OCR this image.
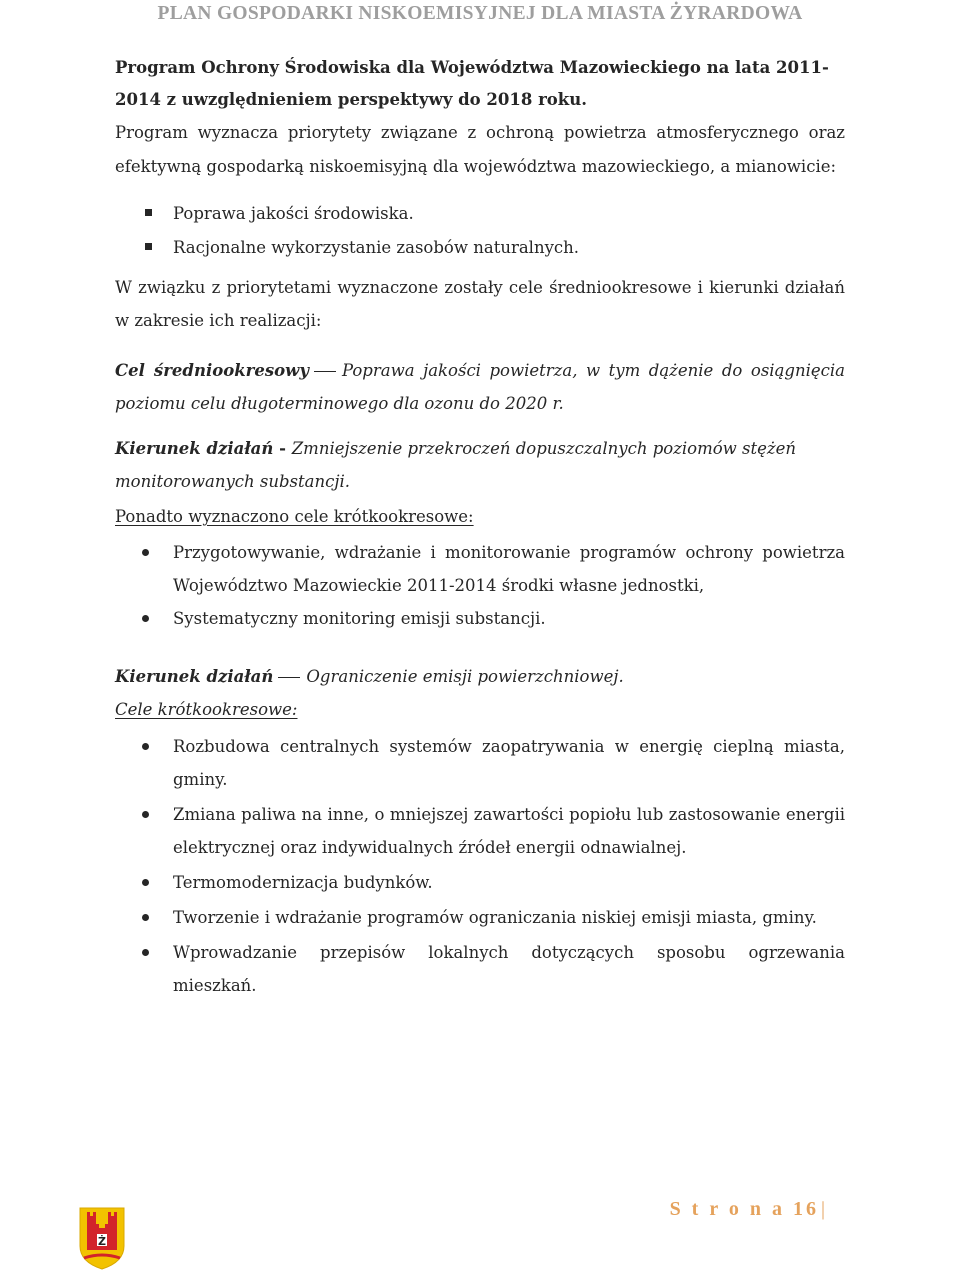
PLAN GOSPODARKI NISKOEMISYJNEJ DLA MIASTA ŻYRARDOWA

Program Ochrony Środowiska dla Województwa Mazowieckiego na lata 2011-2014 z uwzględnieniem perspektywy do 2018 roku.

Program wyznacza priorytety związane z ochroną powietrza atmosferycznego oraz efektywną gospodarką niskoemisyjną dla województwa mazowieckiego, a mianowicie:

Poprawa jakości środowiska.
Racjonalne wykorzystanie zasobów naturalnych.

W związku z priorytetami wyznaczone zostały cele średniookresowe i kierunki działań w zakresie ich realizacji:

Cel średniookresowy Poprawa jakości powietrza, w tym dążenie do osiągnięcia poziomu celu długoterminowego dla ozonu do 2020 r.

Kierunek działań - Zmniejszenie przekroczeń dopuszczalnych poziomów stężeń monitorowanych substancji.

Ponadto wyznaczono cele krótkookresowe:

Przygotowywanie, wdrażanie i monitorowanie programów ochrony powietrza Województwo Mazowieckie 2011-2014 środki własne jednostki,
Systematyczny monitoring emisji substancji.

Kierunek działań Ograniczenie emisji powierzchniowej.

Cele krótkookresowe:

Rozbudowa centralnych systemów zaopatrywania w energię cieplną miasta, gminy.
Zmiana paliwa na inne, o mniejszej zawartości popiołu lub zastosowanie energii elektrycznej oraz indywidualnych źródeł energii odnawialnej.
Termomodernizacja budynków.
Tworzenie i wdrażanie programów ograniczania niskiej emisji miasta, gminy.
Wprowadzanie przepisów lokalnych dotyczących sposobu ogrzewania mieszkań.
S t r o n a 16 |
Ż
